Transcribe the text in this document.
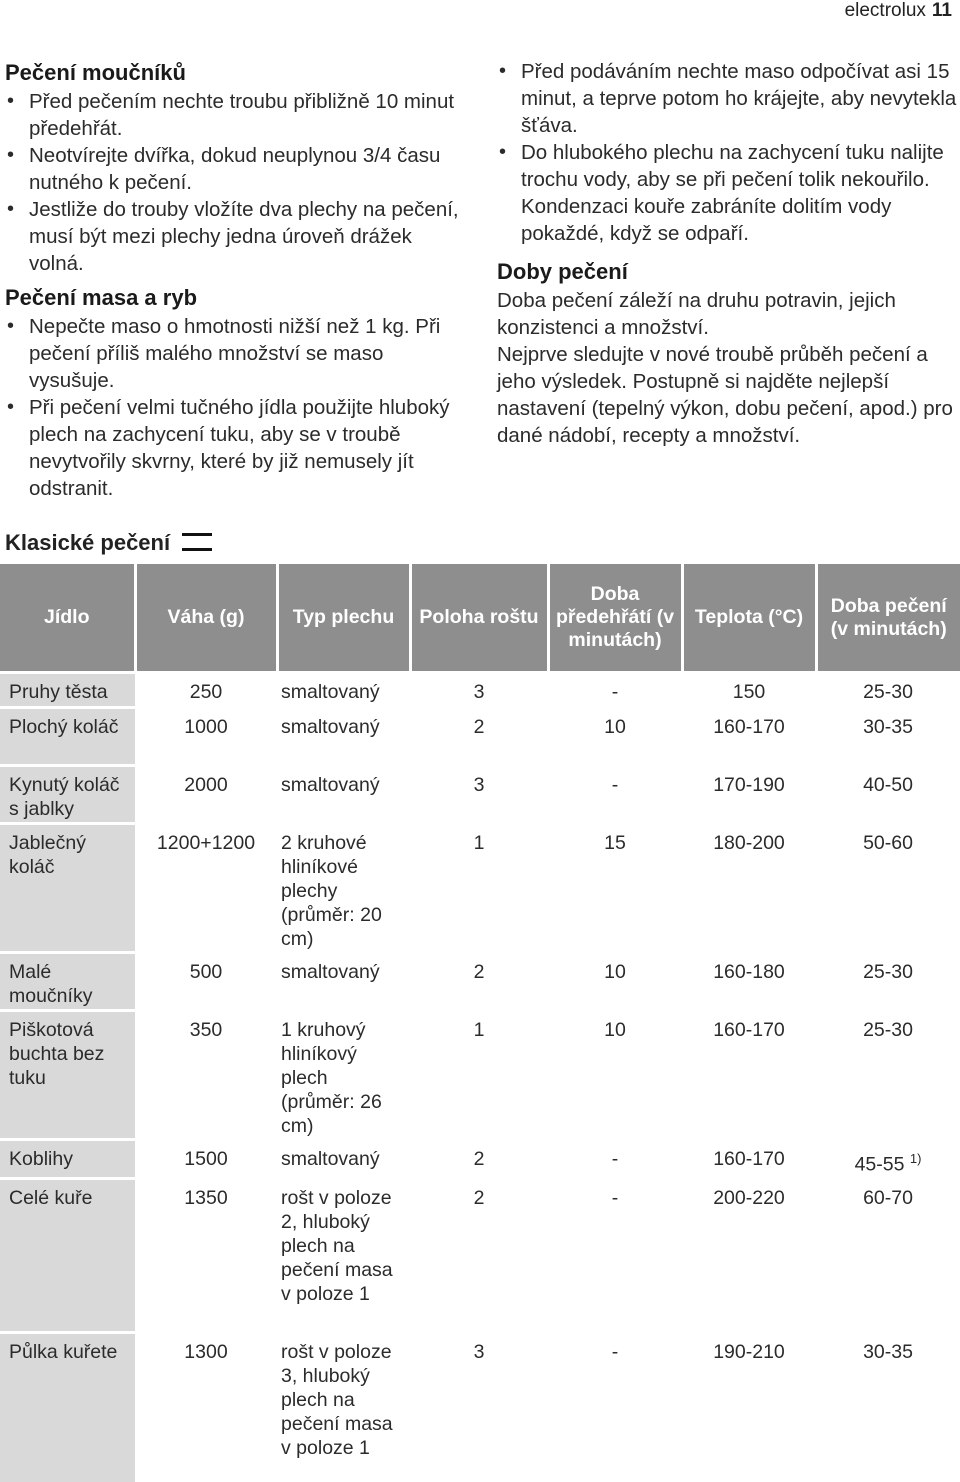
electrolux 11
Pečení moučníků
• Před pečením nechte troubu přibližně 10 minut předehřát.
• Neotvírejte dvířka, dokud neuplynou 3/4 času nutného k pečení.
• Jestliže do trouby vložíte dva plechy na pečení, musí být mezi plechy jedna úroveň drážek volná.
Pečení masa a ryb
• Nepečte maso o hmotnosti nižší než 1 kg. Při pečení příliš malého množství se maso vysušuje.
• Při pečení velmi tučného jídla použijte hluboký plech na zachycení tuku, aby se v troubě nevytvořily skvrny, které by již nemusely jít odstranit.
• Před podáváním nechte maso odpočívat asi 15 minut, a teprve potom ho krájejte, aby nevytekla šťáva.
• Do hlubokého plechu na zachycení tuku nalijte trochu vody, aby se při pečení tolik nekouřilo. Kondenzaci kouře zabráníte dolitím vody pokaždé, když se odpaří.
Doby pečení

Doba pečení záleží na druhu potravin, jejich konzistenci a množství.

Nejprve sledujte v nové troubě průběh pečení a jeho výsledek. Postupně si najděte nejlepší nastavení (tepelný výkon, dobu pečení, apod.) pro dané nádobí, recepty a množství.

Klasické pečení
Jídlo	Váha (g)	Typ plechu	Poloha roštu	Doba předehřátí (v minutách)	Teplota (°C)	Doba pečení (v minutách)
Pruhy těsta	250	smaltovaný	3	-	150	25-30
Plochý koláč	1000	smaltovaný	2	10	160-170	30-35
Kynutý koláč s jablky	2000	smaltovaný	3	-	170-190	40-50
Jablečný koláč	1200+1200	2 kruhové hliníkové plechy (průměr: 20 cm)	1	15	180-200	50-60
Malé moučníky	500	smaltovaný	2	10	160-180	25-30
Piškotová buchta bez tuku	350	1 kruhový hliníkový plech (průměr: 26 cm)	1	10	160-170	25-30
Koblihy	1500	smaltovaný	2	-	160-170	45-55 $^{1)}$
Celé kuře	1350	rošt v poloze 2, hluboký plech na pečení masa v poloze 1	2	-	200-220	60-70
Půlka kuřete	1300	rošt v poloze 3, hluboký plech na pečení masa v poloze 1	3	-	190-210	30-35
